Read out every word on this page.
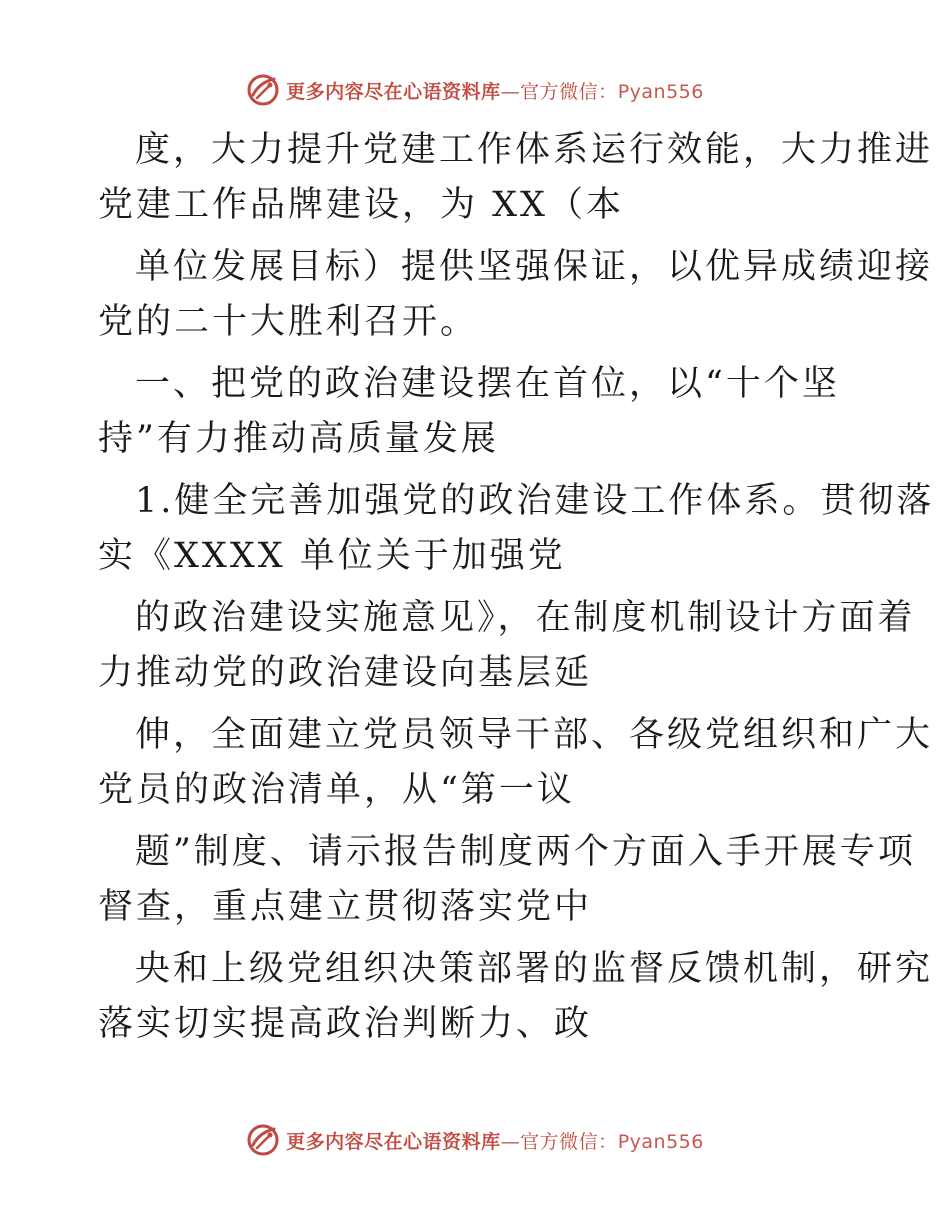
更多内容尽在心语资料库—官方微信：Pyan556
度，大力提升党建工作体系运行效能，大力推进
党建工作品牌建设，为 XX（本
单位发展目标）提供坚强保证，以优异成绩迎接
党的二十大胜利召开。
一、把党的政治建设摆在首位，以“十个坚
持”有力推动高质量发展
1.健全完善加强党的政治建设工作体系。贯彻落
实《XXXX 单位关于加强党
的政治建设实施意见》，在制度机制设计方面着
力推动党的政治建设向基层延
伸，全面建立党员领导干部、各级党组织和广大
党员的政治清单，从“第一议
题”制度、请示报告制度两个方面入手开展专项
督查，重点建立贯彻落实党中
央和上级党组织决策部署的监督反馈机制，研究
落实切实提高政治判断力、政
更多内容尽在心语资料库—官方微信：Pyan556
